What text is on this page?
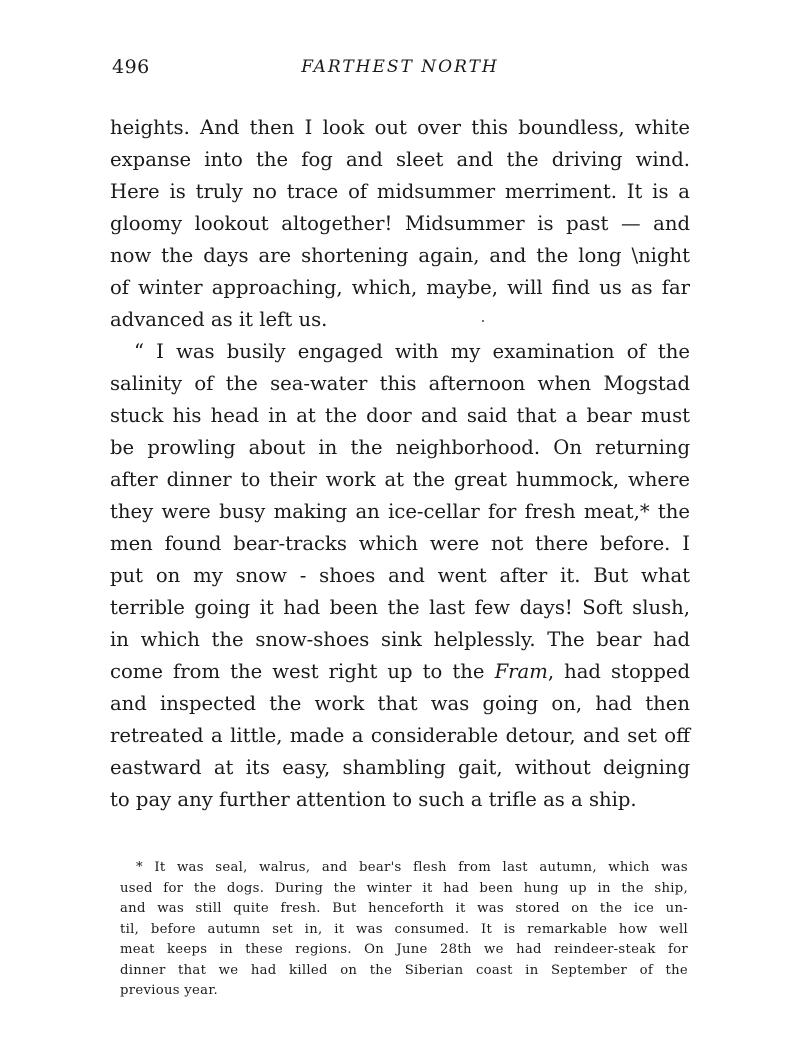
496	FARTHEST NORTH
heights. And then I look out over this boundless, white
expanse into the fog and sleet and the driving wind.
Here is truly no trace of midsummer merriment. It is a
gloomy lookout altogether! Midsummer is past — and
now the days are shortening again, and the long \night
of winter approaching, which, maybe, will find us as far
advanced as it left us.
“ I was busily engaged with my examination of the
salinity of the sea-water this afternoon when Mogstad
stuck his head in at the door and said that a bear must
be prowling about in the neighborhood. On returning
after dinner to their work at the great hummock, where
they were busy making an ice-cellar for fresh meat,* the
men found bear-tracks which were not there before. I
put on my snow - shoes and went after it. But what
terrible going it had been the last few days! Soft slush,
in which the snow-shoes sink helplessly. The bear had
come from the west right up to the Fram, had stopped
and inspected the work that was going on, had then
retreated a little, made a considerable detour, and set off
eastward at its easy, shambling gait, without deigning
to pay any further attention to such a trifle as a ship.
* It was seal, walrus, and bear's flesh from last autumn, which was
used for the dogs. During the winter it had been hung up in the ship,
and was still quite fresh. But henceforth it was stored on the ice un-
til, before autumn set in, it was consumed. It is remarkable how well
meat keeps in these regions. On June 28th we had reindeer-steak for
dinner that we had killed on the Siberian coast in September of the
previous year.
